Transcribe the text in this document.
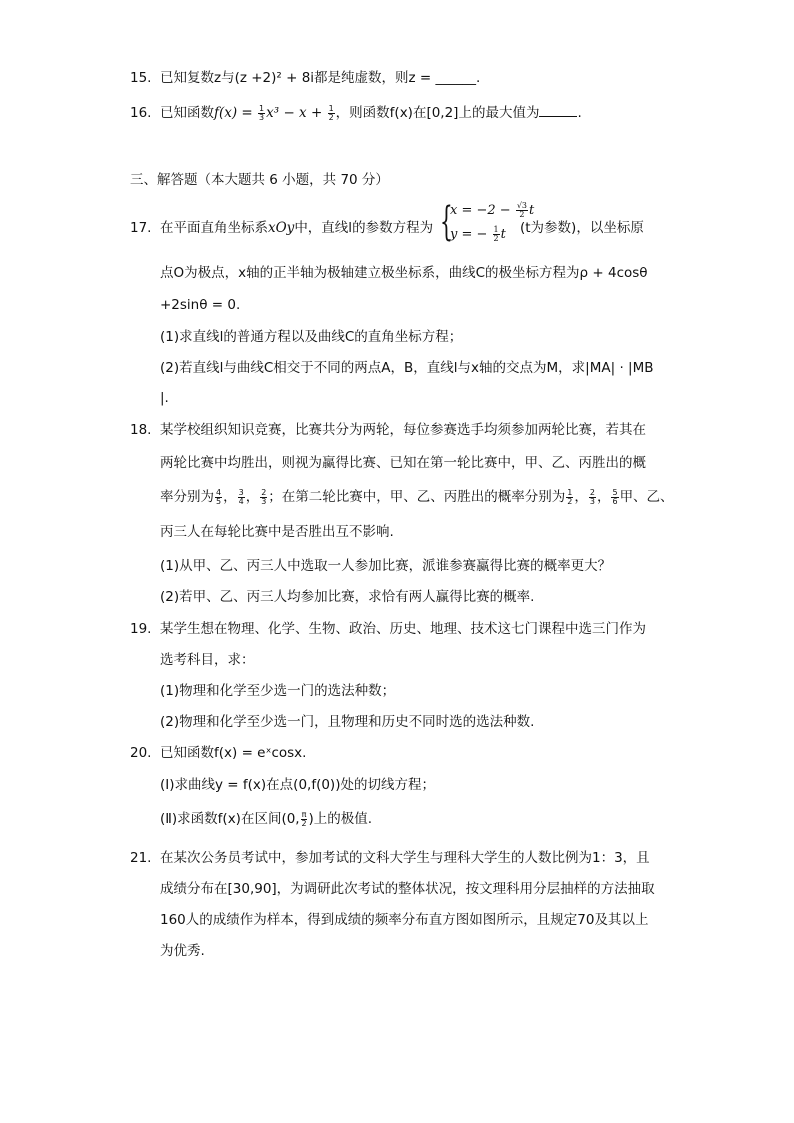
15. 已知复数z与(z +2)² + 8i都是纯虚数，则z = ______.
16. 已知函数$f(x) = \frac{1}{3} x^3 - x + \frac{1}{2}$ ，则函数f(x)在[0,2]上的最大值为	.
三、解答题（本大题共 6 小题，共 70 分）
17. 在平面直角坐标系xOy中，直线l的参数方程为 {
$x = -2 - \frac{√3}{2}$ t
y = − $\frac{1}{2}$ t (t为参数)，以坐标原
点O为极点，x轴的正半轴为极轴建立极坐标系，曲线C的极坐标方程为ρ + 4cosθ
+2sinθ = 0.
(1)求直线l的普通方程以及曲线C的直角坐标方程；
(2)若直线l与曲线C相交于不同的两点A，B，直线l与x轴的交点为M，求|MA| · |MB
|.
18. 某学校组织知识竞赛，比赛共分为两轮，每位参赛选手均须参加两轮比赛，若其在
两轮比赛中均胜出，则视为赢得比赛、已知在第一轮比赛中，甲、乙、丙胜出的概
率分别为 $\frac{4}{5}$ ， $\frac{3}{4}$ ， $\frac{2}{3}$ ；在第二轮比赛中，甲、乙、丙胜出的概率分别为 $\frac{1}{2}$ ， $\frac{2}{3}$ ， $\frac{5}{6}$ 甲、乙、
丙三人在每轮比赛中是否胜出互不影响.
(1)从甲、乙、丙三人中选取一人参加比赛，派谁参赛赢得比赛的概率更大？
(2)若甲、乙、丙三人均参加比赛，求恰有两人赢得比赛的概率.
19. 某学生想在物理、化学、生物、政治、历史、地理、技术这七门课程中选三门作为
选考科目，求：
(1)物理和化学至少选一门的选法种数；
(2)物理和化学至少选一门，且物理和历史不同时选的选法种数.
20. 已知函数f(x) = eˣcosx.
(Ⅰ)求曲线y = f(x)在点(0,f(0))处的切线方程；
(Ⅱ)求函数f(x)在区间(0, $\frac{\pi}{2}$ )上的极值.
21. 在某次公务员考试中，参加考试的文科大学生与理科大学生的人数比例为1：3，且
成绩分布在[30,90]，为调研此次考试的整体状况，按文理科用分层抽样的方法抽取
160人的成绩作为样本，得到成绩的频率分布直方图如图所示，且规定70及其以上
为优秀.
